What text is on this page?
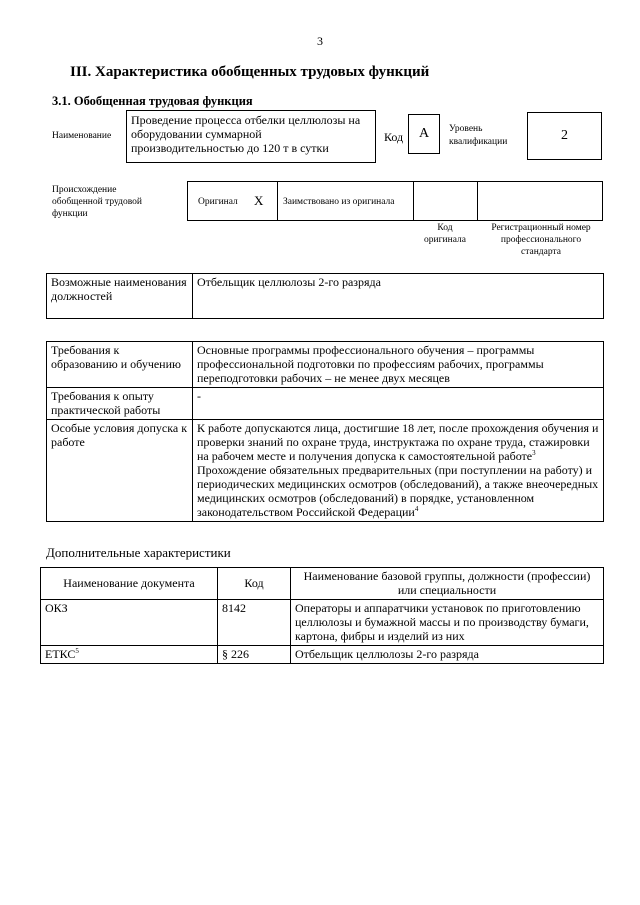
3
III. Характеристика обобщенных трудовых функций
3.1. Обобщенная трудовая функция
Наименование
Проведение процесса отбелки целлюлозы на оборудовании суммарной производительностью до 120 т в сутки
Код	А	Уровень
квалификации	2
Происхождение
обобщенной трудовой
функции
Оригинал X Заимствовано из оригинала
Код
оригинала
Регистрационный номер
профессионального
стандарта
Возможные наименования должностей	Отбельщик целлюлозы 2-го разряда
Требования к образованию и обучению	Основные программы профессионального обучения – программы профессиональной подготовки по профессиям рабочих, программы переподготовки рабочих – не менее двух месяцев
Требования к опыту практической работы	-
Особые условия допуска к работе	К работе допускаются лица, достигшие 18 лет, после прохождения обучения и проверки знаний по охране труда, инструктажа по охране труда, стажировки на рабочем месте и получения допуска к самостоятельной работе$^3$
Прохождение обязательных предварительных (при поступлении на работу) и периодических медицинских осмотров (обследований), а также внеочередных медицинских осмотров (обследований) в порядке, установленном законодательством Российской Федерации$^4$
Дополнительные характеристики
Наименование документа	Код	Наименование базовой группы, должности (профессии) или специальности
ОКЗ	8142	Операторы и аппаратчики установок по приготовлению целлюлозы и бумажной массы и по производству бумаги, картона, фибры и изделий из них
ЕТКС$^5$	§ 226	Отбельщик целлюлозы 2-го разряда
